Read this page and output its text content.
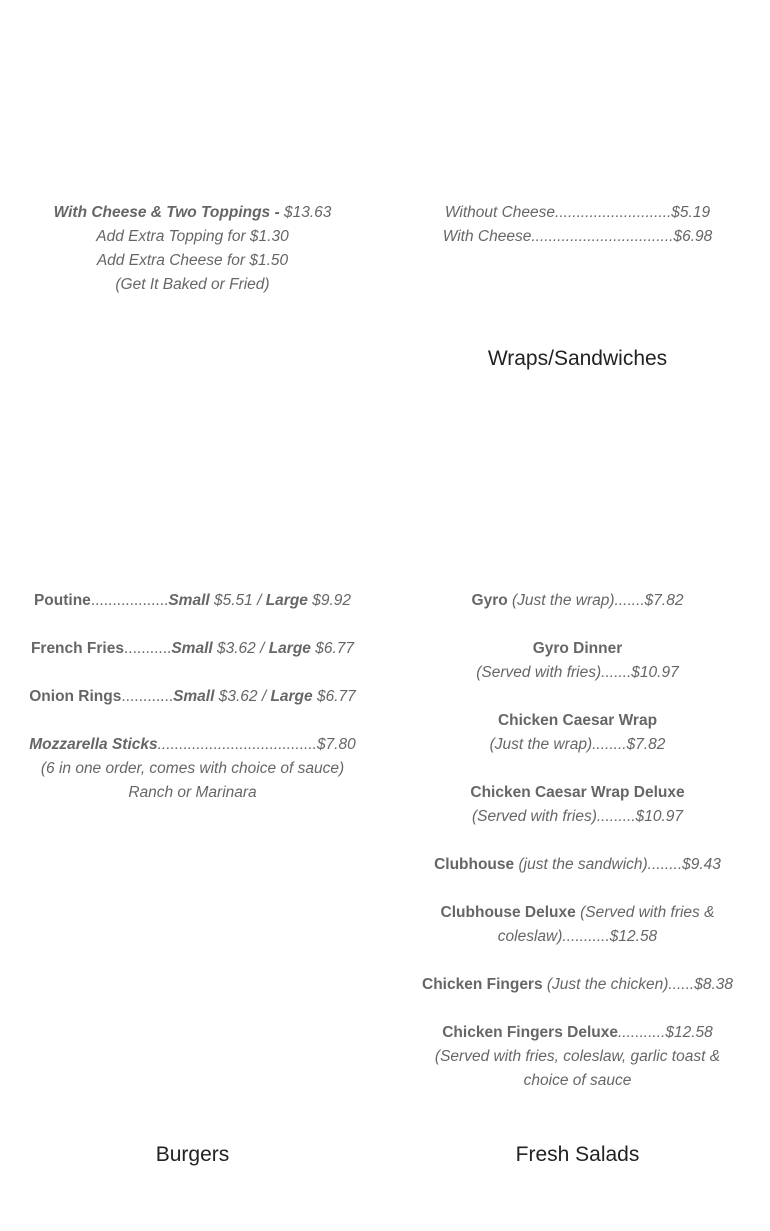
With Cheese & Two Toppings - $13.63
Add Extra Topping for $1.30
Add Extra Cheese for $1.50
(Get It Baked or Fried)
Without Cheese...........................$5.19
With Cheese.................................$6.98
Wraps/Sandwiches
Poutine..................Small $5.51 / Large $9.92
French Fries...........Small $3.62 / Large $6.77
Onion Rings............Small $3.62 / Large $6.77
Mozzarella Sticks.....................................$7.80
(6 in one order, comes with choice of sauce)
Ranch or Marinara
Gyro (Just the wrap).......$7.82
Gyro Dinner
(Served with fries).......$10.97
Chicken Caesar Wrap
(Just the wrap)........$7.82
Chicken Caesar Wrap Deluxe
(Served with fries).........$10.97
Clubhouse (just the sandwich)........$9.43
Clubhouse Deluxe (Served with fries &
coleslaw)...........$12.58
Chicken Fingers (Just the chicken)......$8.38
Chicken Fingers Deluxe...........$12.58
(Served with fries, coleslaw, garlic toast &
choice of sauce
Burgers	Fresh Salads
